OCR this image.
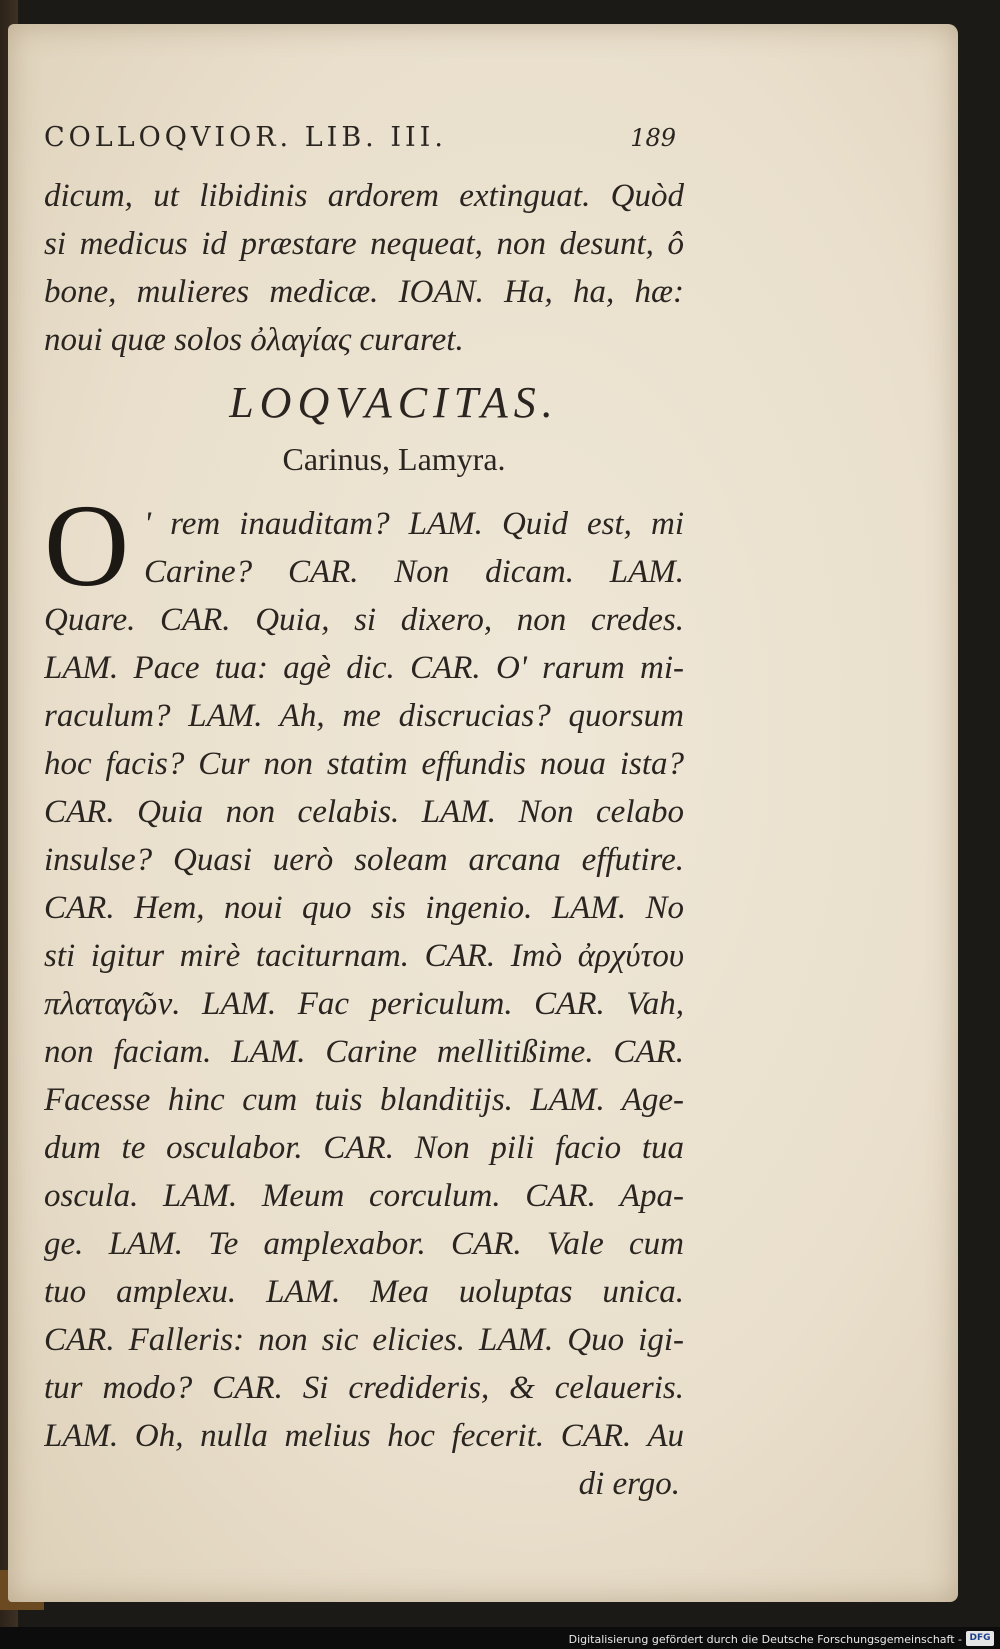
COLLOQVIOR. LIB. III.	189
dicum, ut libidinis ardorem extinguat. Quòd
si medicus id præstare nequeat, non desunt, ô
bone, mulieres medicæ. IOAN. Ha, ha, hæ:
noui quæ solos ὀλαγίας curaret.
LOQVACITAS.
Carinus, Lamyra.
O ' rem inauditam? LAM. Quid est, mi
Carine? CAR. Non dicam. LAM.
Quare. CAR. Quia, si dixero, non credes.
LAM. Pace tua: agè dic. CAR. O' rarum mi-
raculum? LAM. Ah, me discrucias? quorsum
hoc facis? Cur non statim effundis noua ista?
CAR. Quia non celabis. LAM. Non celabo
insulse? Quasi uerò soleam arcana effutire.
CAR. Hem, noui quo sis ingenio. LAM. No
sti igitur mirè taciturnam. CAR. Imò ἀρχύτου
πλαταγῶν. LAM. Fac periculum. CAR. Vah,
non faciam. LAM. Carine mellitißime. CAR.
Facesse hinc cum tuis blanditijs. LAM. Age-
dum te osculabor. CAR. Non pili facio tua
oscula. LAM. Meum corculum. CAR. Apa-
ge. LAM. Te amplexabor. CAR. Vale cum
tuo amplexu. LAM. Mea uoluptas unica.
CAR. Falleris: non sic elicies. LAM. Quo igi-
tur modo? CAR. Si credideris, & celaueris.
LAM. Oh, nulla melius hoc fecerit. CAR. Au
di ergo.
Digitalisierung gefördert durch die Deutsche Forschungsgemeinschaft - DFG
